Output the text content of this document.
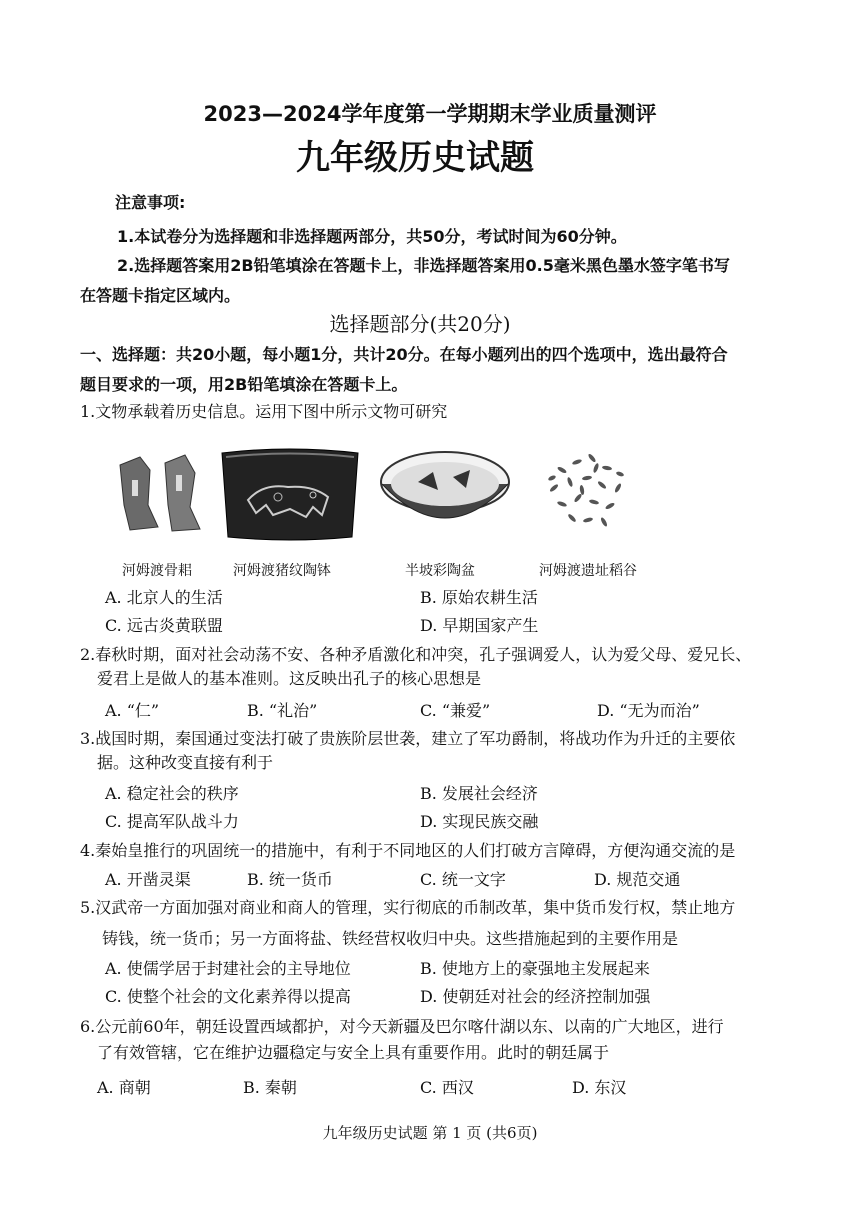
2023—2024学年度第一学期期末学业质量测评
九年级历史试题
注意事项:
1.本试卷分为选择题和非选择题两部分，共50分，考试时间为60分钟。
2.选择题答案用2B铅笔填涂在答题卡上，非选择题答案用0.5毫米黑色墨水签字笔书写
在答题卡指定区域内。
选择题部分(共20分)
一、选择题：共20小题，每小题1分，共计20分。在每小题列出的四个选项中，选出最符合
题目要求的一项，用2B铅笔填涂在答题卡上。
1.文物承载着历史信息。运用下图中所示文物可研究
河姆渡骨耜	河姆渡猪纹陶钵	半坡彩陶盆	河姆渡遗址稻谷
A. 北京人的生活	B. 原始农耕生活
C. 远古炎黄联盟	D. 早期国家产生
2.春秋时期，面对社会动荡不安、各种矛盾激化和冲突，孔子强调爱人，认为爱父母、爱兄长、
爱君上是做人的基本准则。这反映出孔子的核心思想是
A. “仁”	B. “礼治”	C. “兼爱”	D. “无为而治”
3.战国时期，秦国通过变法打破了贵族阶层世袭，建立了军功爵制，将战功作为升迁的主要依
据。这种改变直接有利于
A. 稳定社会的秩序	B. 发展社会经济
C. 提高军队战斗力	D. 实现民族交融
4.秦始皇推行的巩固统一的措施中，有利于不同地区的人们打破方言障碍，方便沟通交流的是
A. 开凿灵渠	B. 统一货币	C. 统一文字	D. 规范交通
5.汉武帝一方面加强对商业和商人的管理，实行彻底的币制改革，集中货币发行权，禁止地方
铸钱，统一货币；另一方面将盐、铁经营权收归中央。这些措施起到的主要作用是
A. 使儒学居于封建社会的主导地位	B. 使地方上的豪强地主发展起来
C. 使整个社会的文化素养得以提高	D. 使朝廷对社会的经济控制加强
6.公元前60年，朝廷设置西域都护，对今天新疆及巴尔喀什湖以东、以南的广大地区，进行
了有效管辖，它在维护边疆稳定与安全上具有重要作用。此时的朝廷属于
A. 商朝	B. 秦朝	C. 西汉	D. 东汉
九年级历史试题 第 1 页 (共6页)
